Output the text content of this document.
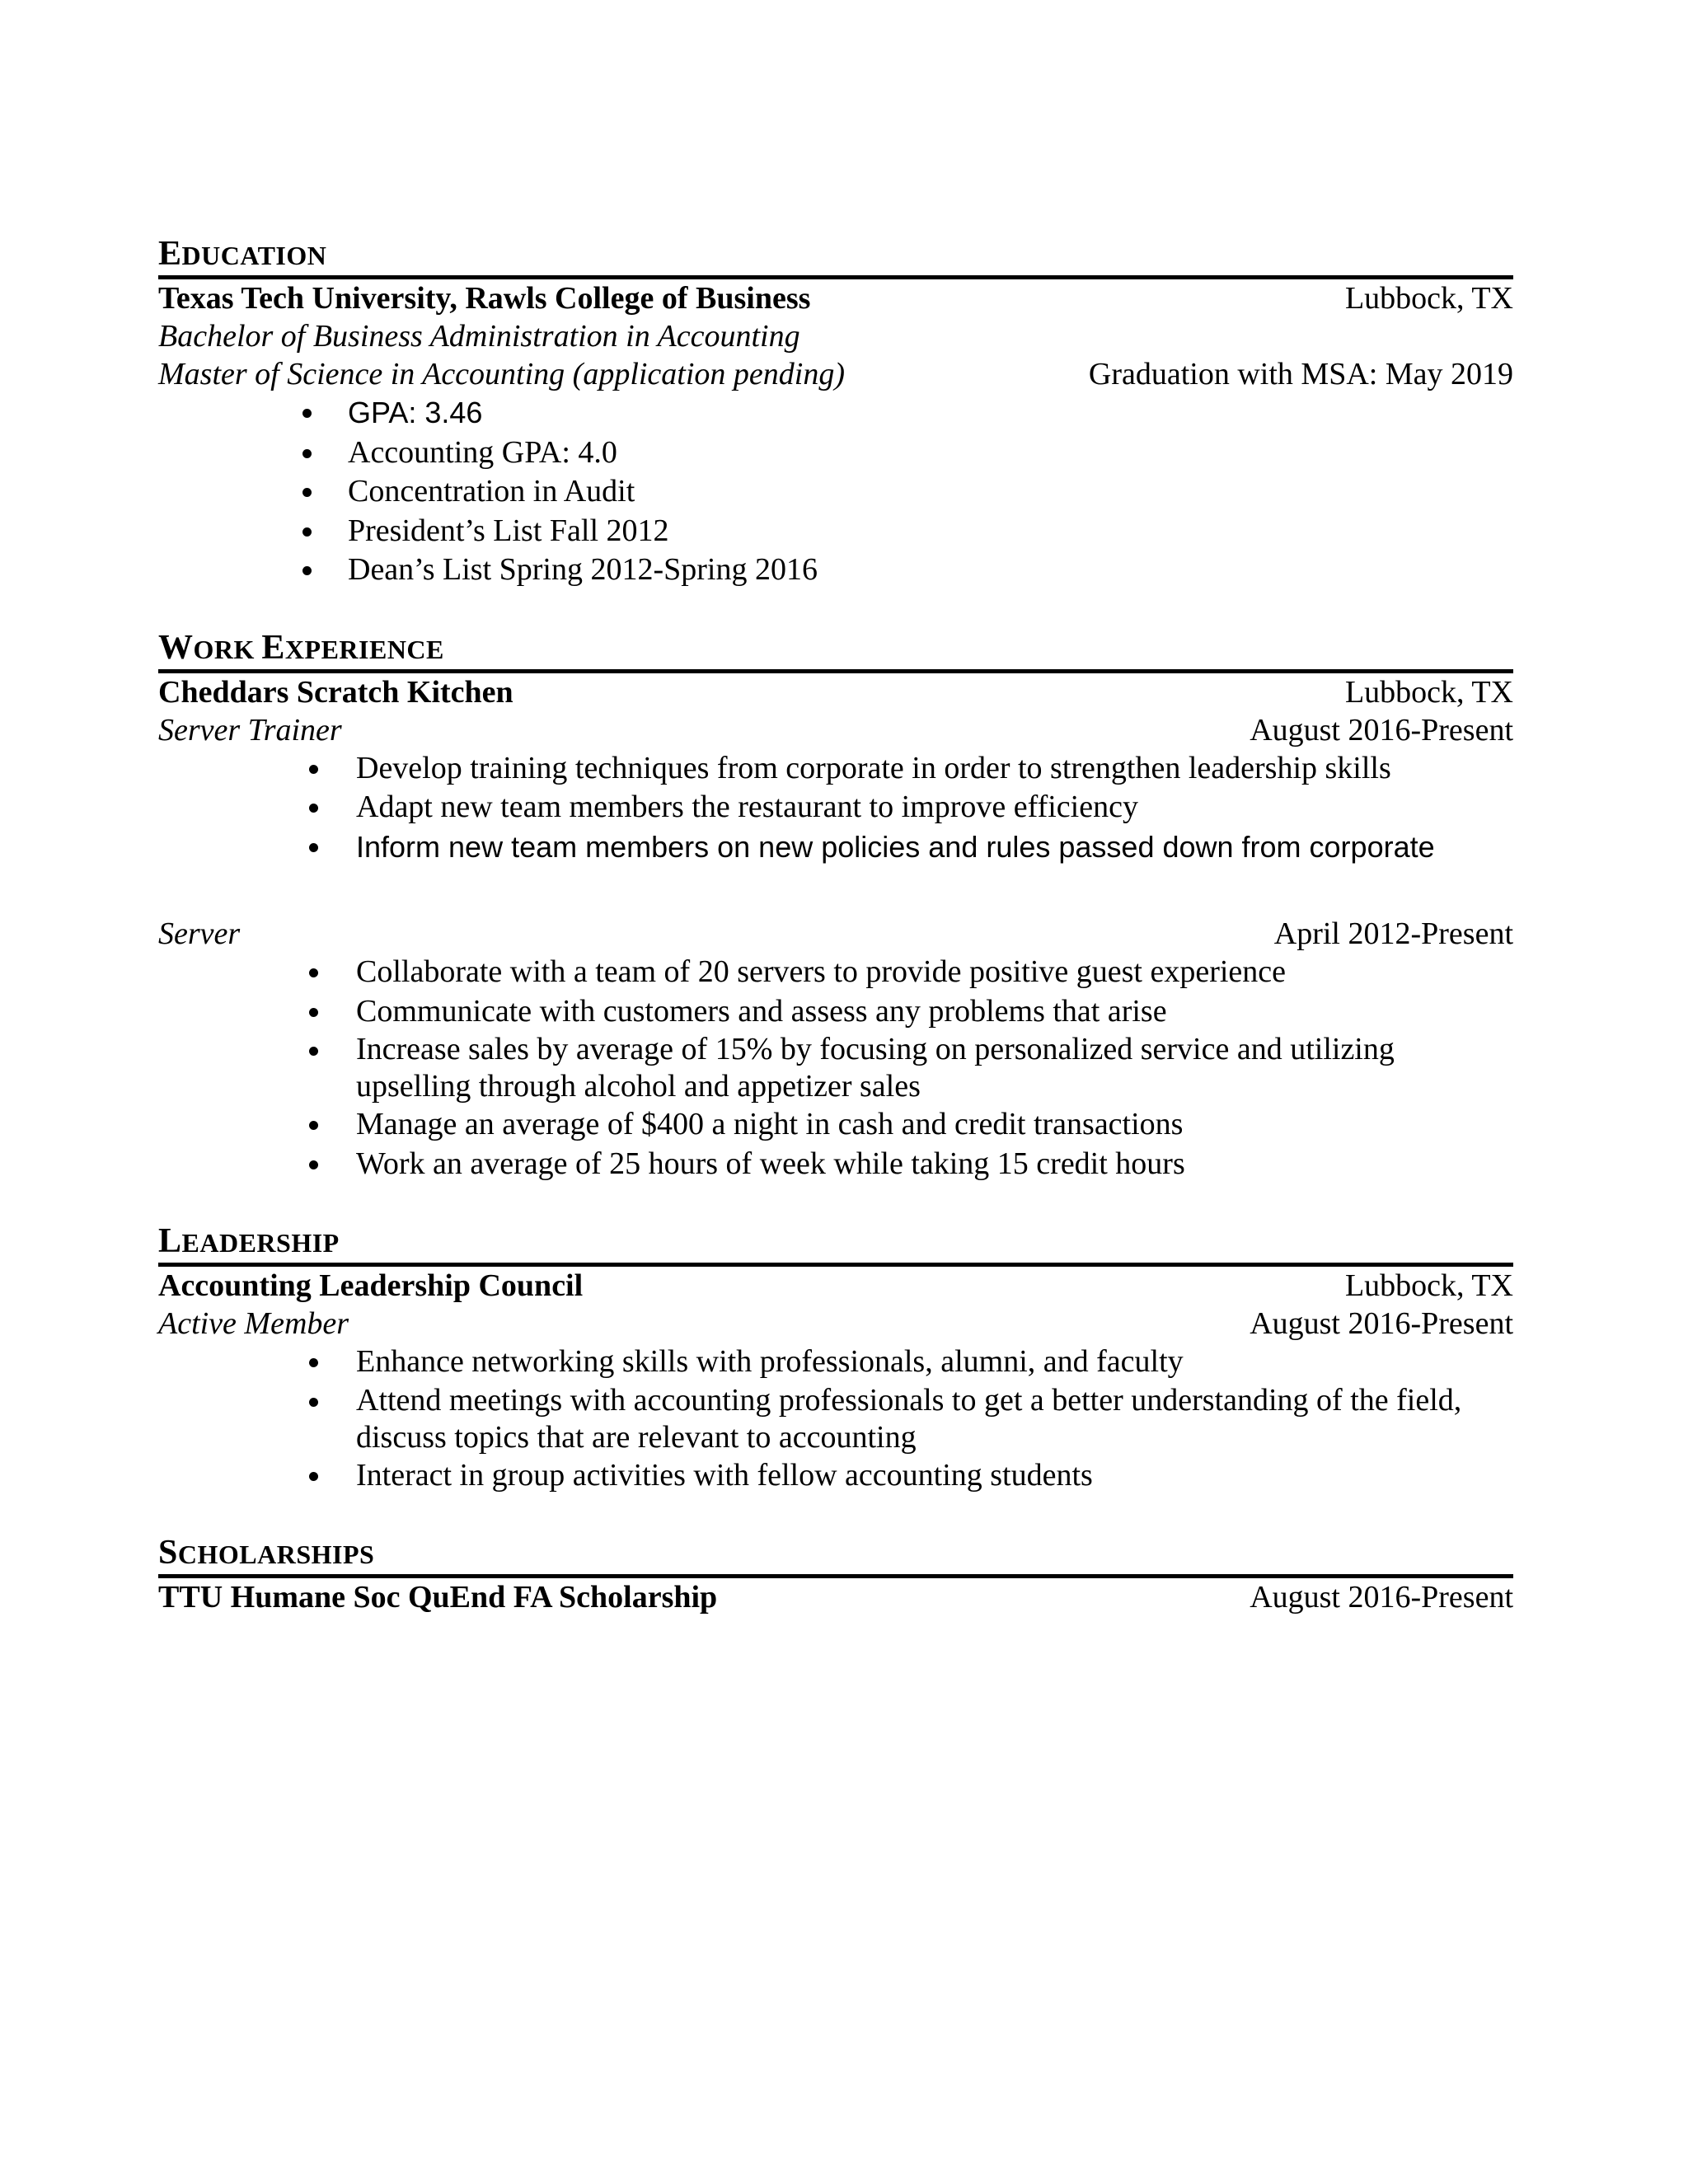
EDUCATION
Texas Tech University, Rawls College of Business	Lubbock, TX
Bachelor of Business Administration in Accounting
Master of Science in Accounting (application pending)	Graduation with MSA: May 2019
GPA: 3.46
Accounting GPA: 4.0
Concentration in Audit
President’s List Fall 2012
Dean’s List Spring 2012-Spring 2016
WORK EXPERIENCE
Cheddars Scratch Kitchen	Lubbock, TX
Server Trainer	August 2016-Present
Develop training techniques from corporate in order to strengthen leadership skills
Adapt new team members the restaurant to improve efficiency
Inform new team members on new policies and rules passed down from corporate
Server	April 2012-Present
Collaborate with a team of 20 servers to provide positive guest experience
Communicate with customers and assess any problems that arise
Increase sales by average of 15% by focusing on personalized service and utilizing upselling through alcohol and appetizer sales
Manage an average of $400 a night in cash and credit transactions
Work an average of 25 hours of week while taking 15 credit hours
LEADERSHIP
Accounting Leadership Council	Lubbock, TX
Active Member	August 2016-Present
Enhance networking skills with professionals, alumni, and faculty
Attend meetings with accounting professionals to get a better understanding of the field, discuss topics that are relevant to accounting
Interact in group activities with fellow accounting students
SCHOLARSHIPS
TTU Humane Soc QuEnd FA Scholarship	August 2016-Present
